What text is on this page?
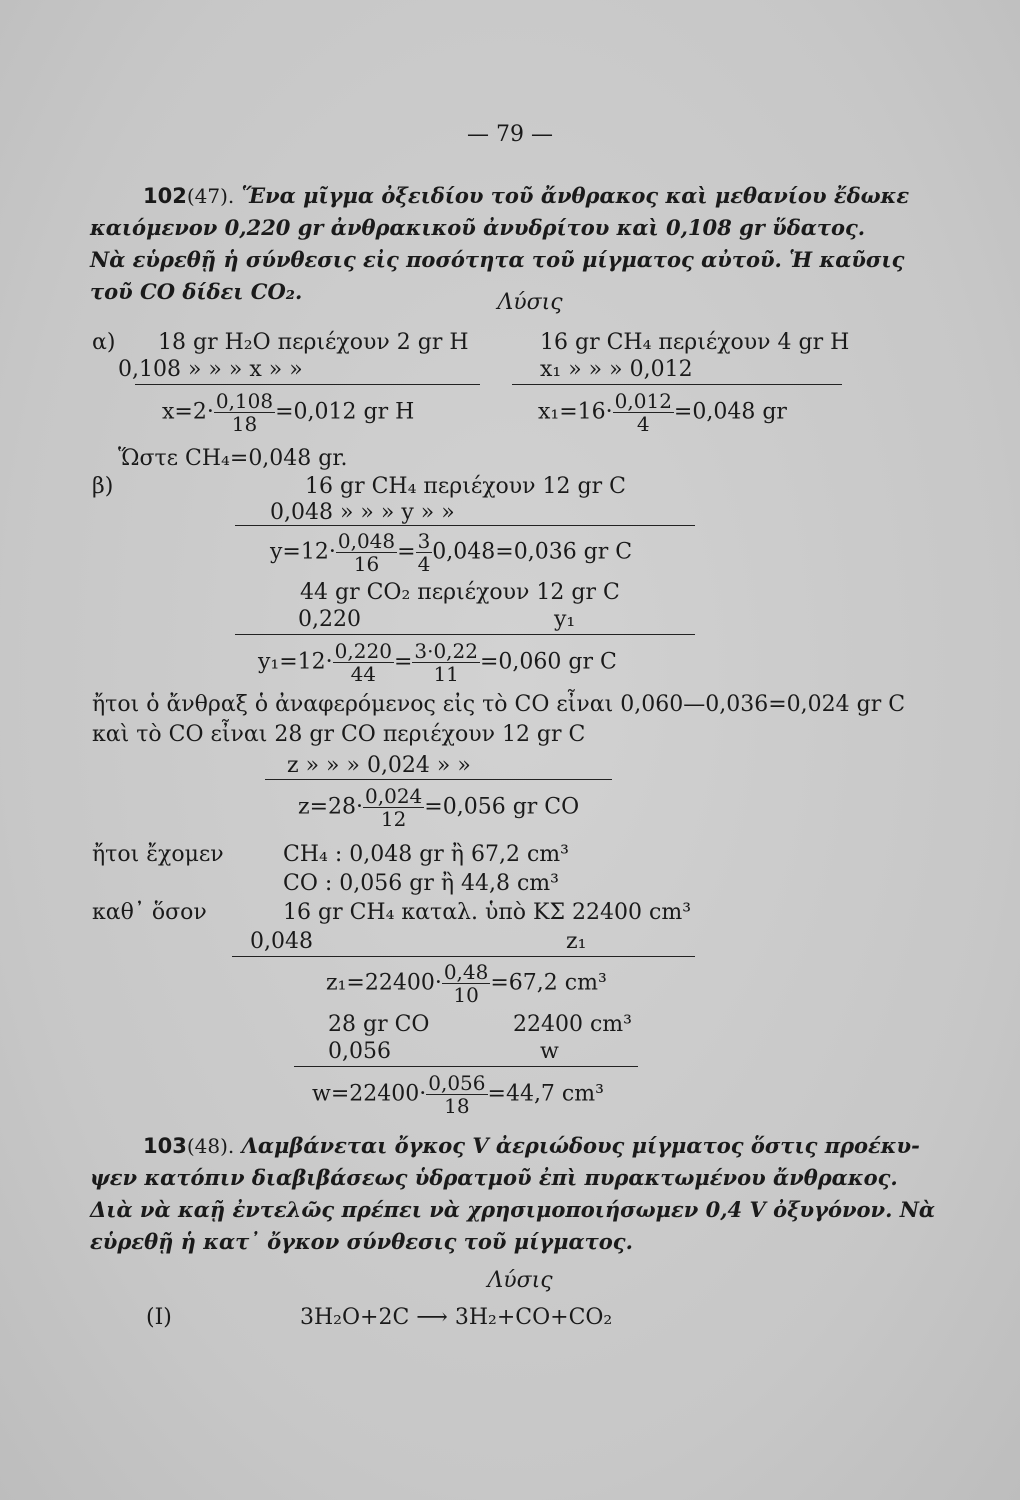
— 79 —
102(47). Ἕνα μῖγμα ὀξειδίου τοῦ ἄνθρακος καὶ μεθανίου ἔδωκε
καιόμενον 0,220 gr ἀνθρακικοῦ ἀνυδρίτου καὶ 0,108 gr ὕδατος.
Νὰ εὑρεθῇ ἡ σύνθεσις εἰς ποσότητα τοῦ μίγματος αὐτοῦ. Ἡ καῦσις
τοῦ CO δίδει CO₂.	Λύσις
α) 18 gr H₂O περιέχουν 2 gr H
0,108 » » » x » »
$x=2\cdot \frac{0,108}{18} =0,012$ gr H
16 gr CH₄ περιέχουν 4 gr H
x₁ » » » 0,012
$x_1=16\cdot \frac{0,012}{4} =0,048$ gr
Ὥστε CH₄=0,048 gr.
β)	16 gr CH₄ περιέχουν 12 gr C
0,048 » » » y » »
$y=12\cdot \frac{0,048}{16} = \frac{3}{4} 0,048=0,036$ gr C
44 gr CO₂ περιέχουν 12 gr C
0,220	y₁
$y_1=12\cdot \frac{0,220}{44} = \frac{3\cdot 0,22}{11} =0,060$ gr C
ἤτοι ὁ ἄνθραξ ὁ ἀναφερόμενος εἰς τὸ CO εἶναι 0,060—0,036=0,024 gr C
καὶ τὸ CO εἶναι 28 gr CO περιέχουν 12 gr C
z » » » 0,024 » »
$z=28\cdot \frac{0,024}{12} =0,056$ gr CO
ἤτοι ἔχομεν	CH₄ : 0,048 gr ἢ 67,2 cm³
CO : 0,056 gr ἢ 44,8 cm³
καθ᾽ ὅσον	16 gr CH₄ καταλ. ὑπὸ ΚΣ 22400 cm³
0,048	z₁
$z_1=22400\cdot \frac{0,48}{10} =67,2$ cm³
28 gr CO	22400 cm³
0,056	w
$w=22400\cdot \frac{0,056}{18} =44,7$ cm³
103(48). Λαμβάνεται ὄγκος V ἀεριώδους μίγματος ὅστις προέκυ-
ψεν κατόπιν διαβιβάσεως ὑδρατμοῦ ἐπὶ πυρακτωμένου ἄνθρακος.
Διὰ νὰ καῇ ἐντελῶς πρέπει νὰ χρησιμοποιήσωμεν 0,4 V ὀξυγόνον. Νὰ
εὑρεθῇ ἡ κατ᾽ ὄγκον σύνθεσις τοῦ μίγματος.
Λύσις
(I)	3H₂O+2C ⟶ 3H₂+CO+CO₂
